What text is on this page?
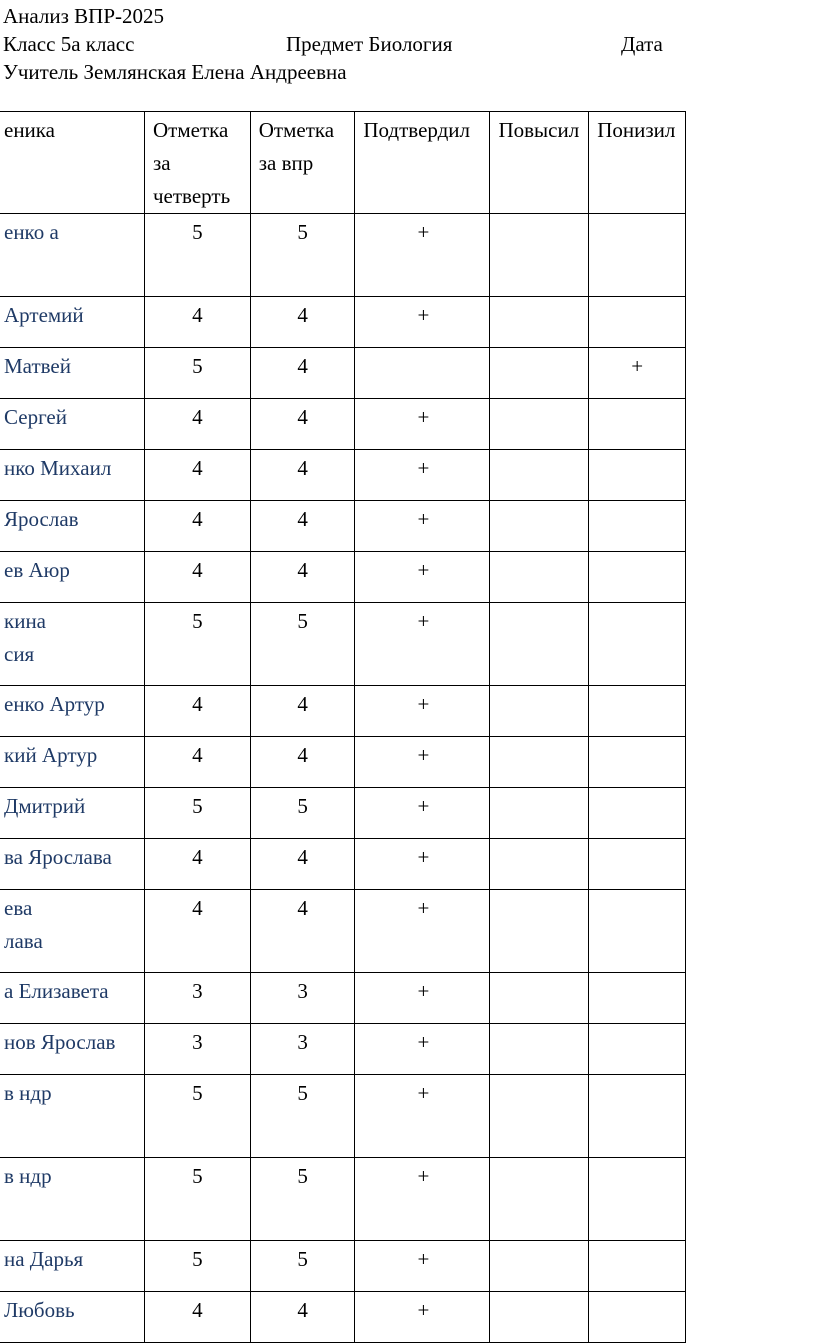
Анализ ВПР-2025
Класс 5а класс	Предмет Биология	Дата
Учитель Землянская Елена Андреевна
еника	Отметка за четверть	Отметка за впр	Подтвердил	Повысил	Понизил

енко а	5	5	+		

Артемий	4	4	+		

Матвей	5	4			+

Сергей	4	4	+		

нко Михаил	4	4	+		

Ярослав	4	4	+		

ев Аюр	4	4	+		

кина сия	5	5	+		

енко Артур	4	4	+		

кий Артур	4	4	+		

Дмитрий	5	5	+		

ва Ярослава	4	4	+		

ева лава	4	4	+		

а Елизавета	3	3	+		

нов Ярослав	3	3	+		

в ндр	5	5	+		

в ндр	5	5	+		

на Дарья	5	5	+		

Любовь	4	4	+		
